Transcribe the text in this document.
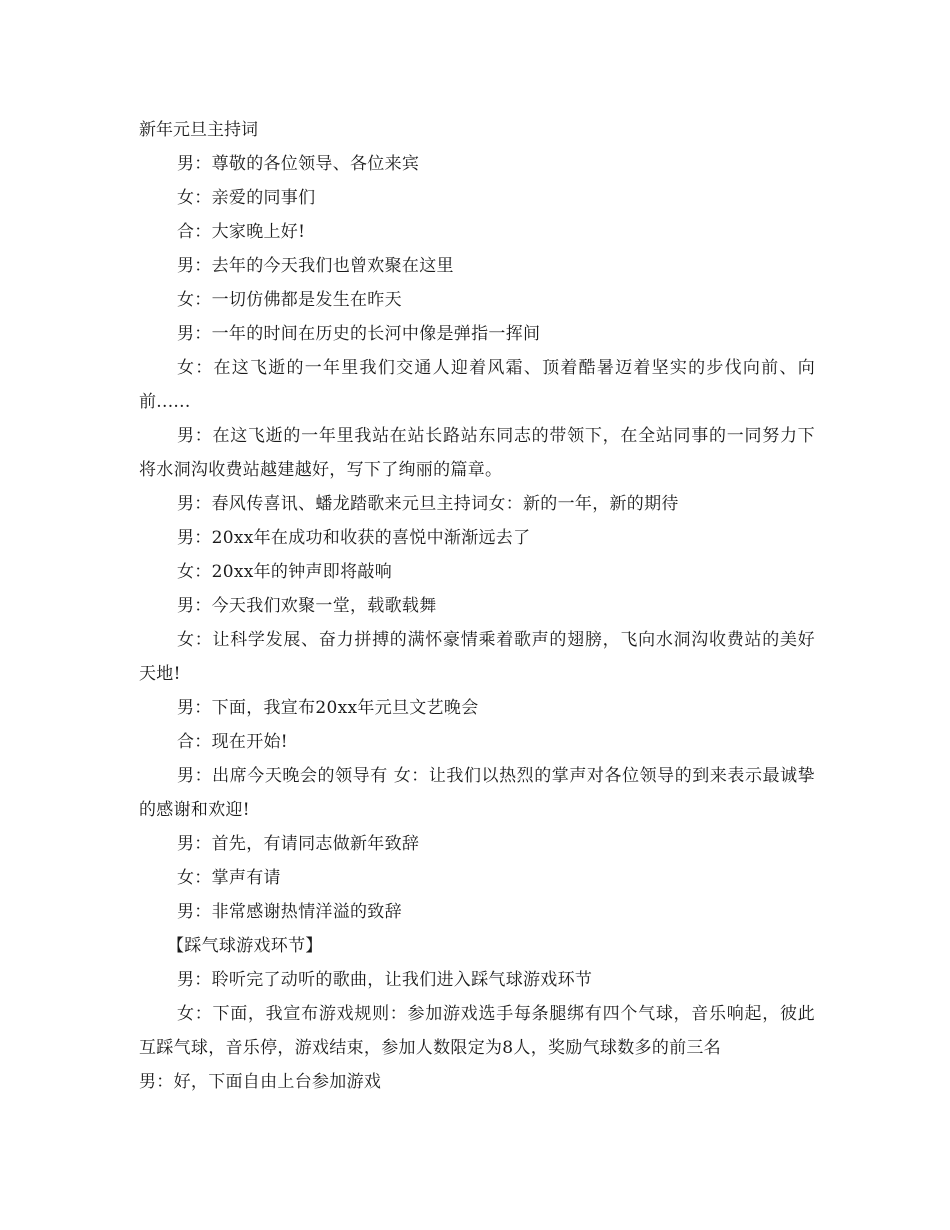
新年元旦主持词

男：尊敬的各位领导、各位来宾

女：亲爱的同事们

合：大家晚上好!

男：去年的今天我们也曾欢聚在这里

女：一切仿佛都是发生在昨天

男：一年的时间在历史的长河中像是弹指一挥间

女：在这飞逝的一年里我们交通人迎着风霜、顶着酷暑迈着坚实的步伐向前、向前......

男：在这飞逝的一年里我站在站长路站东同志的带领下，在全站同事的一同努力下将水洞沟收费站越建越好，写下了绚丽的篇章。

男：春风传喜讯、蟠龙踏歌来元旦主持词女：新的一年，新的期待

男：20xx年在成功和收获的喜悦中渐渐远去了

女：20xx年的钟声即将敲响

男：今天我们欢聚一堂，载歌载舞

女：让科学发展、奋力拼搏的满怀豪情乘着歌声的翅膀，飞向水洞沟收费站的美好天地!

男：下面，我宣布20xx年元旦文艺晚会

合：现在开始!

男：出席今天晚会的领导有 女：让我们以热烈的掌声对各位领导的到来表示最诚挚的感谢和欢迎!

男：首先，有请同志做新年致辞

女：掌声有请

男：非常感谢热情洋溢的致辞

【踩气球游戏环节】

男：聆听完了动听的歌曲，让我们进入踩气球游戏环节

女：下面，我宣布游戏规则：参加游戏选手每条腿绑有四个气球，音乐响起，彼此互踩气球，音乐停，游戏结束，参加人数限定为8人，奖励气球数多的前三名

男：好，下面自由上台参加游戏
